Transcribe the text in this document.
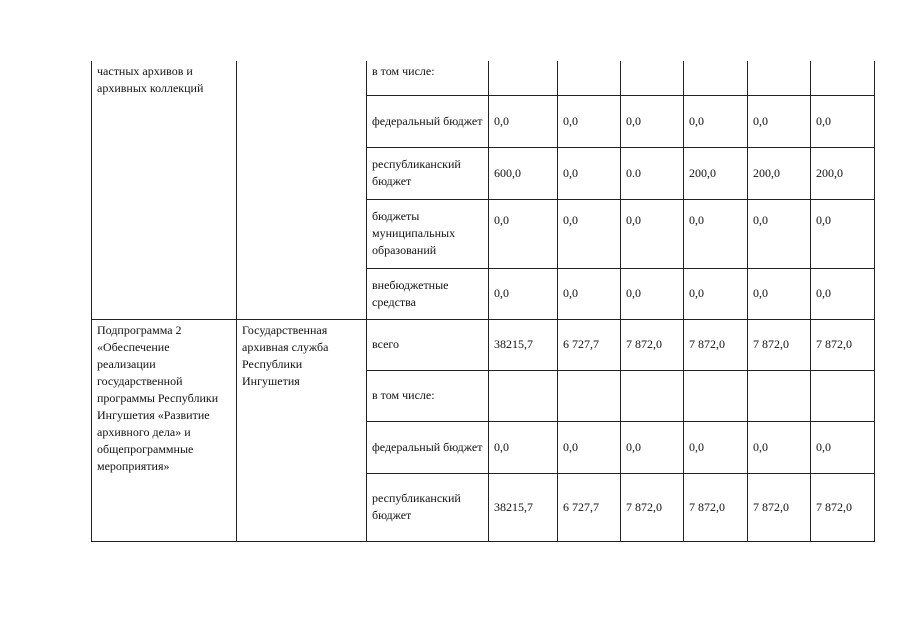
частных архивов и архивных коллекций		в том числе:						
		федеральный бюджет	0,0	0,0	0,0	0,0	0,0	0,0
		республиканский бюджет	600,0	0,0	0.0	200,0	200,0	200,0
		бюджеты муниципальных образований	0,0	0,0	0,0	0,0	0,0	0,0
		внебюджетные средства	0,0	0,0	0,0	0,0	0,0	0,0
Подпрограмма 2 «Обеспечение реализации государственной программы Республики Ингушетия «Развитие архивного дела» и общепрограммные мероприятия»	Государственная архивная служба Республики Ингушетия	всего	38215,7	6 727,7	7 872,0	7 872,0	7 872,0	7 872,0
		в том числе:						
		федеральный бюджет	0,0	0,0	0,0	0,0	0,0	0,0
		республиканский бюджет	38215,7	6 727,7	7 872,0	7 872,0	7 872,0	7 872,0
